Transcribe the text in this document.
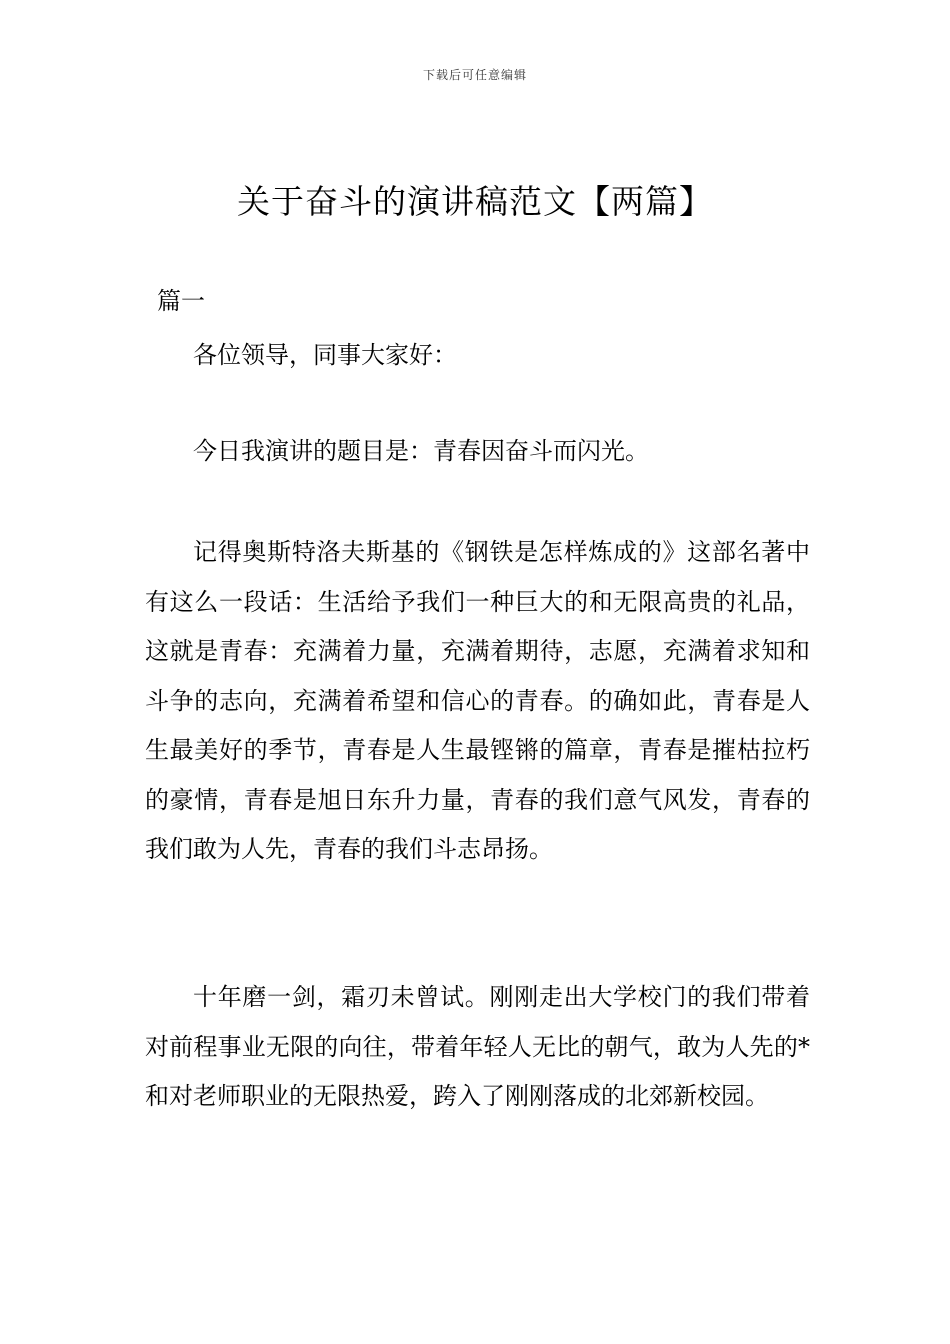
下载后可任意编辑
关于奋斗的演讲稿范文【两篇】
篇一

各位领导，同事大家好：

今日我演讲的题目是：青春因奋斗而闪光。

记得奥斯特洛夫斯基的《钢铁是怎样炼成的》这部名著中有这么一段话：生活给予我们一种巨大的和无限高贵的礼品，这就是青春：充满着力量，充满着期待，志愿，充满着求知和斗争的志向，充满着希望和信心的青春。的确如此，青春是人生最美好的季节，青春是人生最铿锵的篇章，青春是摧枯拉朽的豪情，青春是旭日东升力量，青春的我们意气风发，青春的我们敢为人先，青春的我们斗志昂扬。

十年磨一剑，霜刃未曾试。刚刚走出大学校门的我们带着对前程事业无限的向往，带着年轻人无比的朝气，敢为人先的*和对老师职业的无限热爱，跨入了刚刚落成的北郊新校园。
